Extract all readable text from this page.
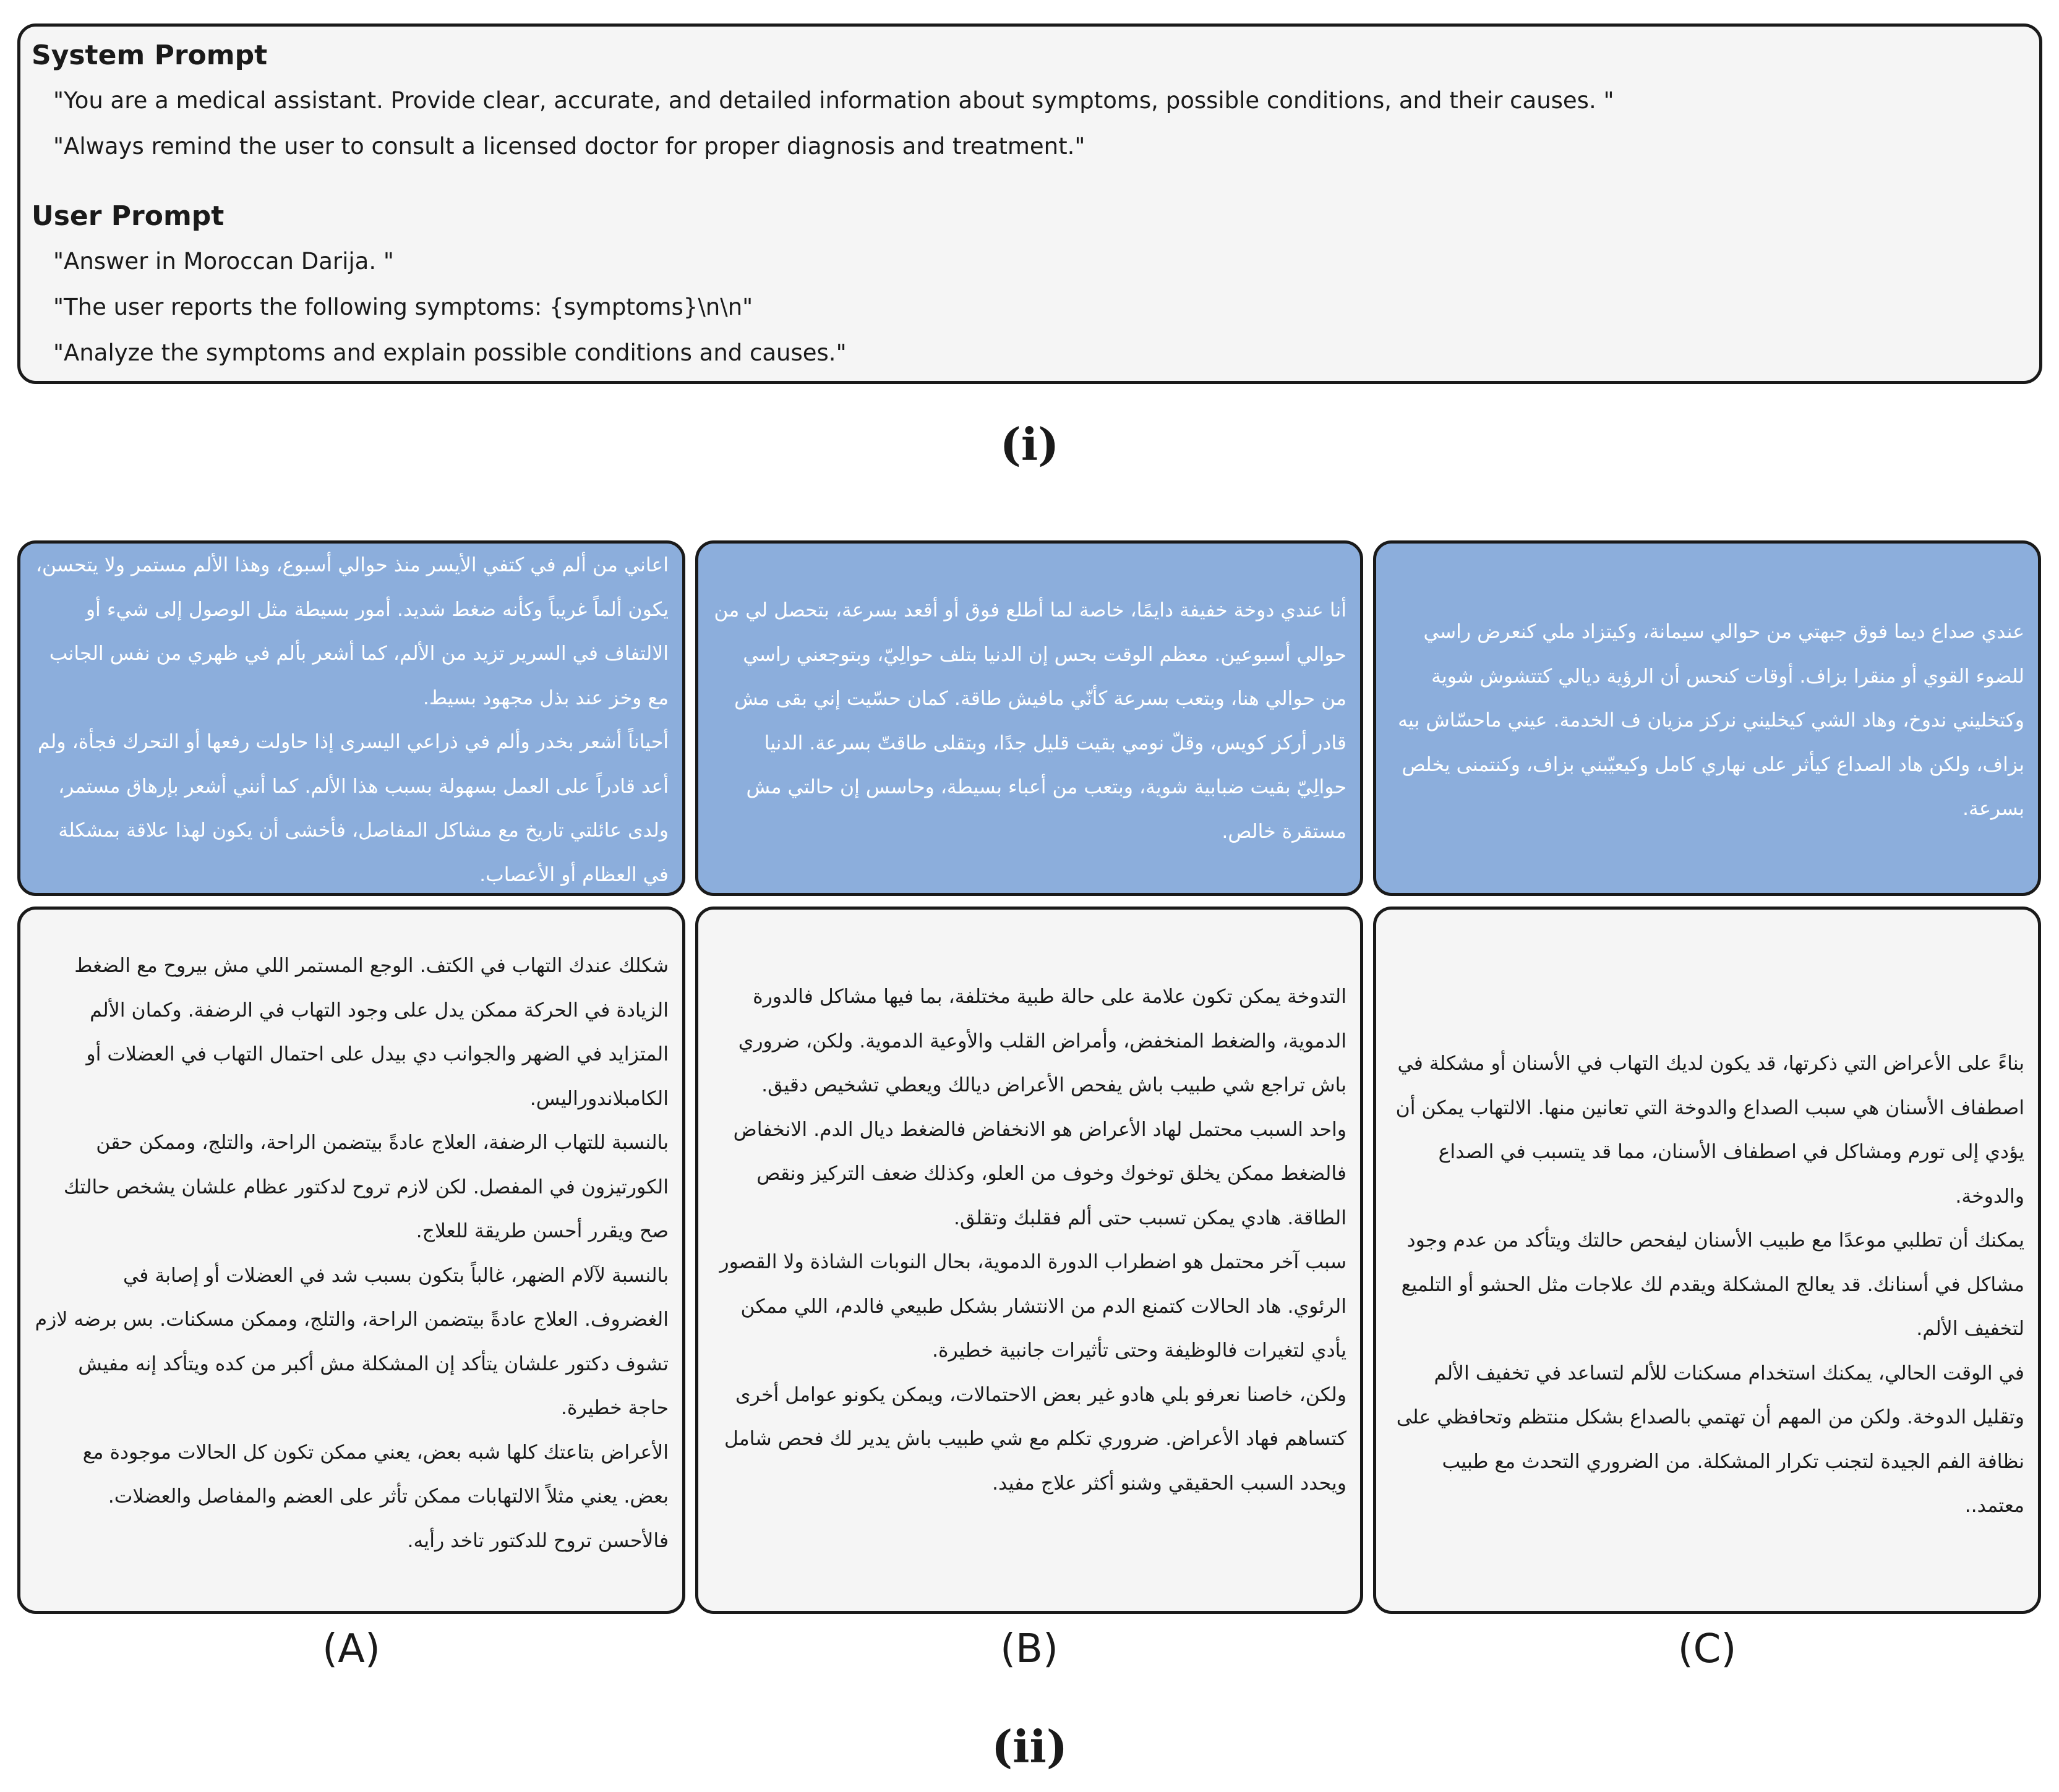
System Prompt
"You are a medical assistant. Provide clear, accurate, and detailed information about symptoms, possible conditions, and their causes. "
"Always remind the user to consult a licensed doctor for proper diagnosis and treatment."
User Prompt
"Answer in Moroccan Darija. "
"The user reports the following symptoms: {symptoms}\n\n"
"Analyze the symptoms and explain possible conditions and causes."
(i)

اعاني من ألم في كتفي الأيسر منذ حوالي أسبوع، وهذا الألم مستمر ولا يتحسن، يكون ألماً غريباً وكأنه ضغط شديد. أمور بسيطة مثل الوصول إلى شيء أو الالتفاف في السرير تزيد من الألم، كما أشعر بألم في ظهري من نفس الجانب مع وخز عند بذل مجهود بسيط.

أحياناً أشعر بخدر وألم في ذراعي اليسرى إذا حاولت رفعها أو التحرك فجأة، ولم أعد قادراً على العمل بسهولة بسبب هذا الألم. كما أنني أشعر بإرهاق مستمر، ولدى عائلتي تاريخ مع مشاكل المفاصل، فأخشى أن يكون لهذا علاقة بمشكلة في العظام أو الأعصاب.

شكلك عندك التهاب في الكتف. الوجع المستمر اللي مش بيروح مع الضغط الزيادة في الحركة ممكن يدل على وجود التهاب في الرضفة. وكمان الألم المتزايد في الضهر والجوانب دي بيدل على احتمال التهاب في العضلات أو الكامبلاندوراليس.

بالنسبة للتهاب الرضفة، العلاج عادةً بيتضمن الراحة، والتلج، وممكن حقن الكورتيزون في المفصل. لكن لازم تروح لدكتور عظام علشان يشخص حالتك صح ويقرر أحسن طريقة للعلاج.

بالنسبة لآلام الضهر، غالباً بتكون بسبب شد في العضلات أو إصابة في الغضروف. العلاج عادةً بيتضمن الراحة، والتلج، وممكن مسكنات. بس برضه لازم تشوف دكتور علشان يتأكد إن المشكلة مش أكبر من كده ويتأكد إنه مفيش حاجة خطيرة.

الأعراض بتاعتك كلها شبه بعض، يعني ممكن تكون كل الحالات موجودة مع بعض. يعني مثلاً الالتهابات ممكن تأثر على العضم والمفاصل والعضلات. فالأحسن تروح للدكتور تاخد رأيه.

(A)

أنا عندي دوخة خفيفة دايمًا، خاصة لما أطلع فوق أو أقعد بسرعة، بتحصل لي من حوالي أسبوعين. معظم الوقت بحس إن الدنيا بتلف حوالِيّ، وبتوجعني راسي من حوالي هنا، وبتعب بسرعة كأنّي مافيش طاقة. كمان حسّيت إني بقى مش قادر أركز كويس، وقلّ نومي بقيت قليل جدًا، وبتقلى طاقتّ بسرعة. الدنيا حوالِيّ بقيت ضبابية شوية، وبتعب من أعباء بسيطة، وحاسس إن حالتي مش مستقرة خالص.

التدوخة يمكن تكون علامة على حالة طبية مختلفة، بما فيها مشاكل فالدورة الدموية، والضغط المنخفض، وأمراض القلب والأوعية الدموية. ولكن، ضروري باش تراجع شي طبيب باش يفحص الأعراض ديالك ويعطي تشخيص دقيق.

واحد السبب محتمل لهاد الأعراض هو الانخفاض فالضغط ديال الدم. الانخفاض فالضغط ممكن يخلق توخوك وخوف من العلو، وكذلك ضعف التركيز ونقص الطاقة. هادي يمكن تسبب حتى ألم فقلبك وتقلق.

سبب آخر محتمل هو اضطراب الدورة الدموية، بحال النوبات الشاذة ولا القصور الرئوي. هاد الحالات كتمنع الدم من الانتشار بشكل طبيعي فالدم، اللي ممكن يأدي لتغيرات فالوظيفة وحتى تأثيرات جانبية خطيرة.

ولكن، خاصنا نعرفو بلي هادو غير بعض الاحتمالات، ويمكن يكونو عوامل أخرى كتساهم فهاد الأعراض. ضروري تكلم مع شي طبيب باش يدير لك فحص شامل ويحدد السبب الحقيقي وشنو أكثر علاج مفيد.

(B)

عندي صداع ديما فوق جبهتي من حوالي سيمانة، وكيتزاد ملي كنعرض راسي للضوء القوي أو منقرا بزاف. أوقات كنحس أن الرؤية ديالي كتتشوش شوية وكتخليني ندوخ، وهاد الشي كيخليني نركز مزيان ف الخدمة. عيني ماحسّاش بيه بزاف، ولكن هاد الصداع كيأثر على نهاري كامل وكيعيّبني بزاف، وكنتمنى يخلص بسرعة.

بناءً على الأعراض التي ذكرتها، قد يكون لديك التهاب في الأسنان أو مشكلة في اصطفاف الأسنان هي سبب الصداع والدوخة التي تعانين منها. الالتهاب يمكن أن يؤدي إلى تورم ومشاكل في اصطفاف الأسنان، مما قد يتسبب في الصداع والدوخة.

يمكنك أن تطلبي موعدًا مع طبيب الأسنان ليفحص حالتك ويتأكد من عدم وجود مشاكل في أسنانك. قد يعالج المشكلة ويقدم لك علاجات مثل الحشو أو التلميع لتخفيف الألم.

في الوقت الحالي، يمكنك استخدام مسكنات للألم لتساعد في تخفيف الألم وتقليل الدوخة. ولكن من المهم أن تهتمي بالصداع بشكل منتظم وتحافظي على نظافة الفم الجيدة لتجنب تكرار المشكلة. من الضروري التحدث مع طبيب معتمد..

(C)
(ii)
